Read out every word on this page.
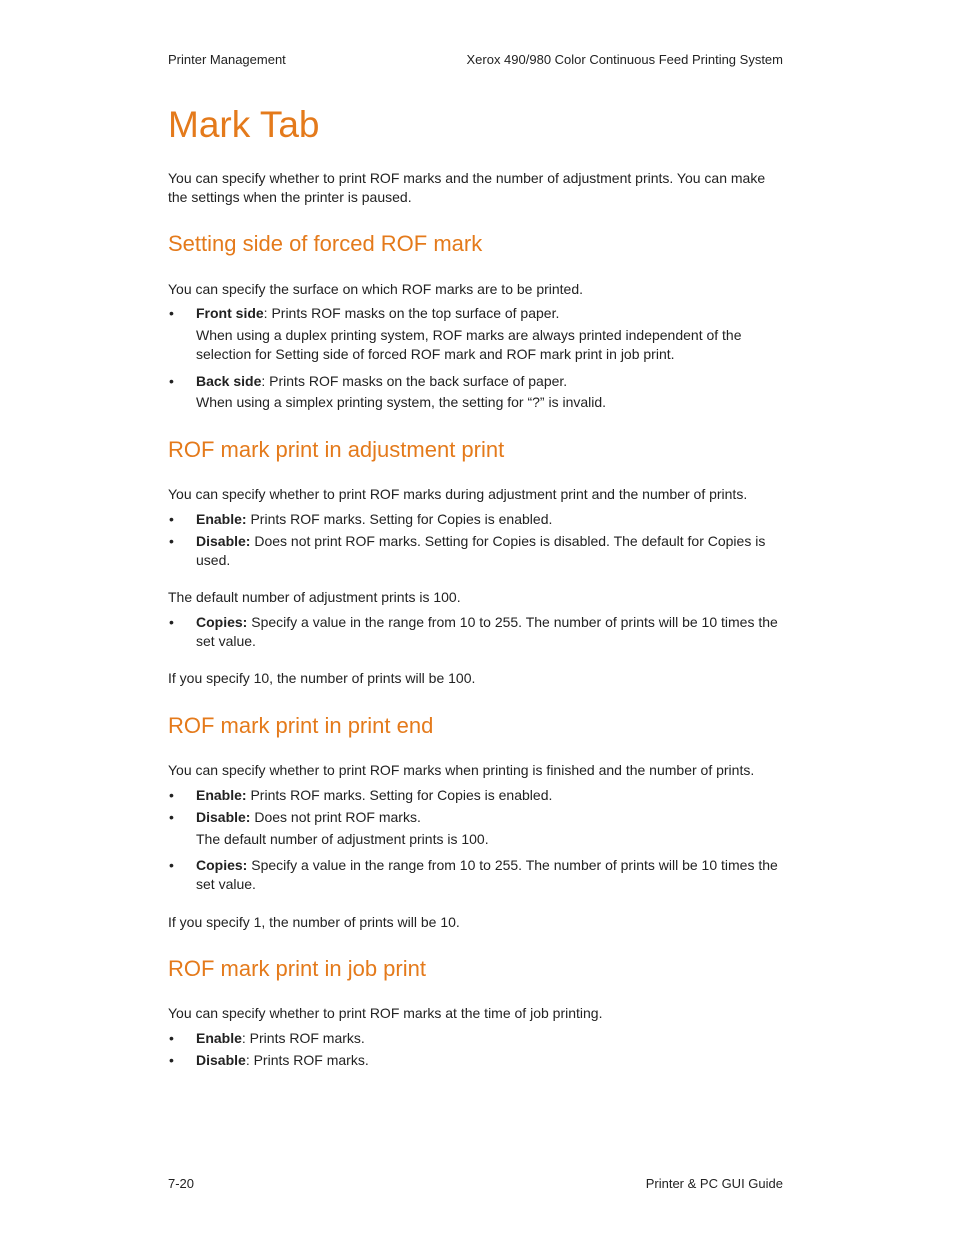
Printer Management	Xerox 490/980 Color Continuous Feed Printing System
Mark Tab

You can specify whether to print ROF marks and the number of adjustment prints. You can make the settings when the printer is paused.

Setting side of forced ROF mark

You can specify the surface on which ROF marks are to be printed.

• Front side: Prints ROF masks on the top surface of paper.

When using a duplex printing system, ROF marks are always printed independent of the selection for Setting side of forced ROF mark and ROF mark print in job print.

• Back side: Prints ROF masks on the back surface of paper.

When using a simplex printing system, the setting for “?” is invalid.

ROF mark print in adjustment print

You can specify whether to print ROF marks during adjustment print and the number of prints.

• Enable: Prints ROF marks. Setting for Copies is enabled.

• Disable: Does not print ROF marks. Setting for Copies is disabled. The default for Copies is used.

The default number of adjustment prints is 100.

• Copies: Specify a value in the range from 10 to 255. The number of prints will be 10 times the set value.

If you specify 10, the number of prints will be 100.

ROF mark print in print end

You can specify whether to print ROF marks when printing is finished and the number of prints.

• Enable: Prints ROF marks. Setting for Copies is enabled.

• Disable: Does not print ROF marks.

The default number of adjustment prints is 100.

• Copies: Specify a value in the range from 10 to 255. The number of prints will be 10 times the set value.

If you specify 1, the number of prints will be 10.

ROF mark print in job print

You can specify whether to print ROF marks at the time of job printing.

• Enable: Prints ROF marks.

• Disable: Prints ROF marks.

7-20	Printer & PC GUI Guide
